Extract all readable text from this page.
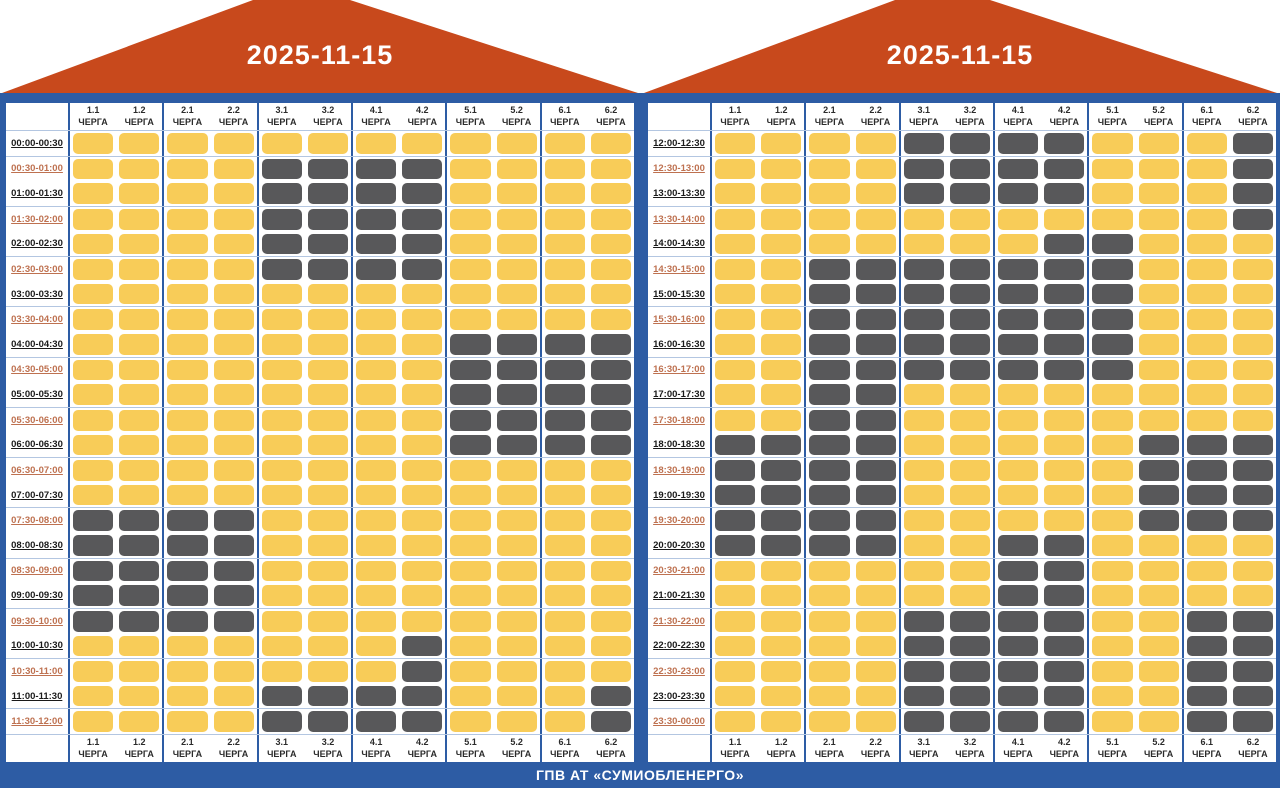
2025-11-15	2025-11-15
1.1
ЧЕРГА
1.2
ЧЕРГА
2.1
ЧЕРГА
2.2
ЧЕРГА
3.1
ЧЕРГА
3.2
ЧЕРГА
4.1
ЧЕРГА
4.2
ЧЕРГА
5.1
ЧЕРГА
5.2
ЧЕРГА
6.1
ЧЕРГА
6.2
ЧЕРГА
00:00-00:30
00:30-01:00
01:00-01:30
01:30-02:00
02:00-02:30
02:30-03:00
03:00-03:30
03:30-04:00
04:00-04:30
04:30-05:00
05:00-05:30
05:30-06:00
06:00-06:30
06:30-07:00
07:00-07:30
07:30-08:00
08:00-08:30
08:30-09:00
09:00-09:30
09:30-10:00
10:00-10:30
10:30-11:00
11:00-11:30
11:30-12:00
1.1
ЧЕРГА
1.2
ЧЕРГА
2.1
ЧЕРГА
2.2
ЧЕРГА
3.1
ЧЕРГА
3.2
ЧЕРГА
4.1
ЧЕРГА
4.2
ЧЕРГА
5.1
ЧЕРГА
5.2
ЧЕРГА
6.1
ЧЕРГА
6.2
ЧЕРГА
1.1
ЧЕРГА
1.2
ЧЕРГА
2.1
ЧЕРГА
2.2
ЧЕРГА
3.1
ЧЕРГА
3.2
ЧЕРГА
4.1
ЧЕРГА
4.2
ЧЕРГА
5.1
ЧЕРГА
5.2
ЧЕРГА
6.1
ЧЕРГА
6.2
ЧЕРГА
12:00-12:30
12:30-13:00
13:00-13:30
13:30-14:00
14:00-14:30
14:30-15:00
15:00-15:30
15:30-16:00
16:00-16:30
16:30-17:00
17:00-17:30
17:30-18:00
18:00-18:30
18:30-19:00
19:00-19:30
19:30-20:00
20:00-20:30
20:30-21:00
21:00-21:30
21:30-22:00
22:00-22:30
22:30-23:00
23:00-23:30
23:30-00:00
1.1
ЧЕРГА
1.2
ЧЕРГА
2.1
ЧЕРГА
2.2
ЧЕРГА
3.1
ЧЕРГА
3.2
ЧЕРГА
4.1
ЧЕРГА
4.2
ЧЕРГА
5.1
ЧЕРГА
5.2
ЧЕРГА
6.1
ЧЕРГА
6.2
ЧЕРГА
ГПВ АТ «СУМИОБЛЕНЕРГО»
